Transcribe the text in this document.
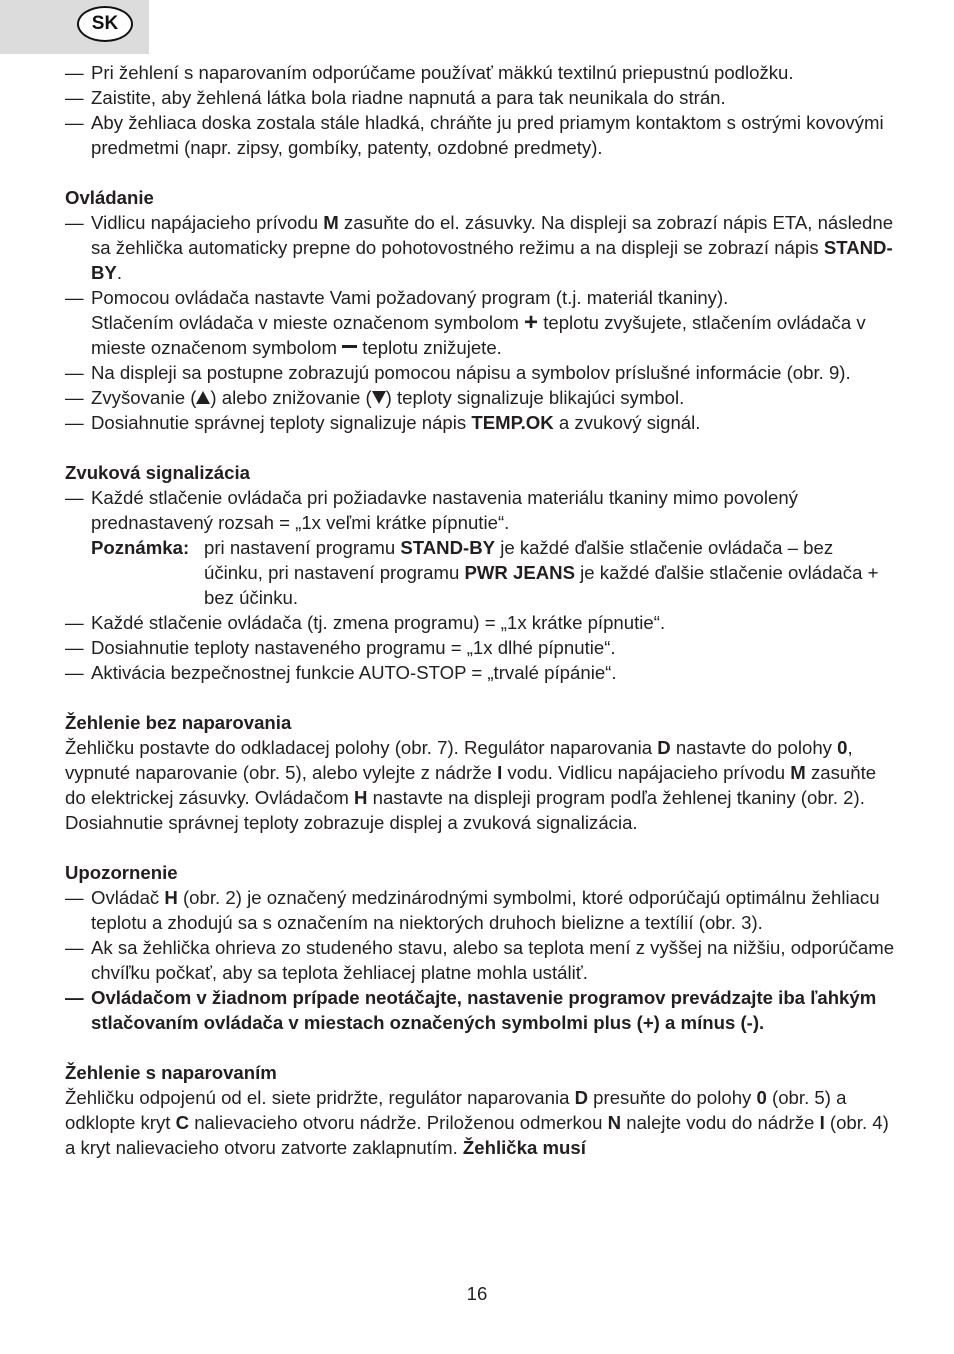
SK
— Pri žehlení s naparovaním odporúčame používať mäkkú textilnú priepustnú podložku.
— Zaistite, aby žehlená látka bola riadne napnutá a para tak neunikala do strán.
— Aby žehliaca doska zostala stále hladká, chráňte ju pred priamym kontaktom s ostrými kovovými predmetmi (napr. zipsy, gombíky, patenty, ozdobné predmety).
Ovládanie
— Vidlicu napájacieho prívodu M zasuňte do el. zásuvky. Na displeji sa zobrazí nápis ETA, následne sa žehlička automaticky prepne do pohotovostného režimu a na displeji se zobrazí nápis STAND-BY.
— Pomocou ovládača nastavte Vami požadovaný program (t.j. materiál tkaniny).
Stlačením ovládača v mieste označenom symbolom + teplotu zvyšujete, stlačením ovládača v mieste označenom symbolom  teplotu znižujete.
— Na displeji sa postupne zobrazujú pomocou nápisu a symbolov príslušné informácie (obr. 9).
— Zvyšovanie ( ) alebo znižovanie ( ) teploty signalizuje blikajúci symbol.
— Dosiahnutie správnej teploty signalizuje nápis TEMP.OK a zvukový signál.
Zvuková signalizácia
— Každé stlačenie ovládača pri požiadavke nastavenia materiálu tkaniny mimo povolený prednastavený rozsah = „1x veľmi krátke pípnutie“.
Poznámka: pri nastavení programu STAND-BY je každé ďalšie stlačenie ovládača – bez účinku, pri nastavení programu PWR JEANS je každé ďalšie stlačenie ovládača + bez účinku.
— Každé stlačenie ovládača (tj. zmena programu) = „1x krátke pípnutie“.
— Dosiahnutie teploty nastaveného programu = „1x dlhé pípnutie“.
— Aktivácia bezpečnostnej funkcie AUTO-STOP = „trvalé pípánie“.
Žehlenie bez naparovania
Žehličku postavte do odkladacej polohy (obr. 7). Regulátor naparovania D nastavte do polohy 0, vypnuté naparovanie (obr. 5), alebo vylejte z nádrže I vodu. Vidlicu napájacieho prívodu M zasuňte do elektrickej zásuvky. Ovládačom H nastavte na displeji program podľa žehlenej tkaniny (obr. 2).
Dosiahnutie správnej teploty zobrazuje displej a zvuková signalizácia.
Upozornenie
— Ovládač H (obr. 2) je označený medzinárodnými symbolmi, ktoré odporúčajú optimálnu žehliacu teplotu a zhodujú sa s označením na niektorých druhoch bielizne a textílií (obr. 3).
— Ak sa žehlička ohrieva zo studeného stavu, alebo sa teplota mení z vyššej na nižšiu, odporúčame chvíľku počkať, aby sa teplota žehliacej platne mohla ustáliť.
— Ovládačom v žiadnom prípade neotáčajte, nastavenie programov prevádzajte iba ľahkým stlačovaním ovládača v miestach označených symbolmi plus (+) a mínus (-).
Žehlenie s naparovaním
Žehličku odpojenú od el. siete pridržte, regulátor naparovania D presuňte do polohy 0 (obr. 5) a odklopte kryt C nalievacieho otvoru nádrže. Priloženou odmerkou N nalejte vodu do nádrže I (obr. 4) a kryt nalievacieho otvoru zatvorte zaklapnutím. Žehlička musí
16
